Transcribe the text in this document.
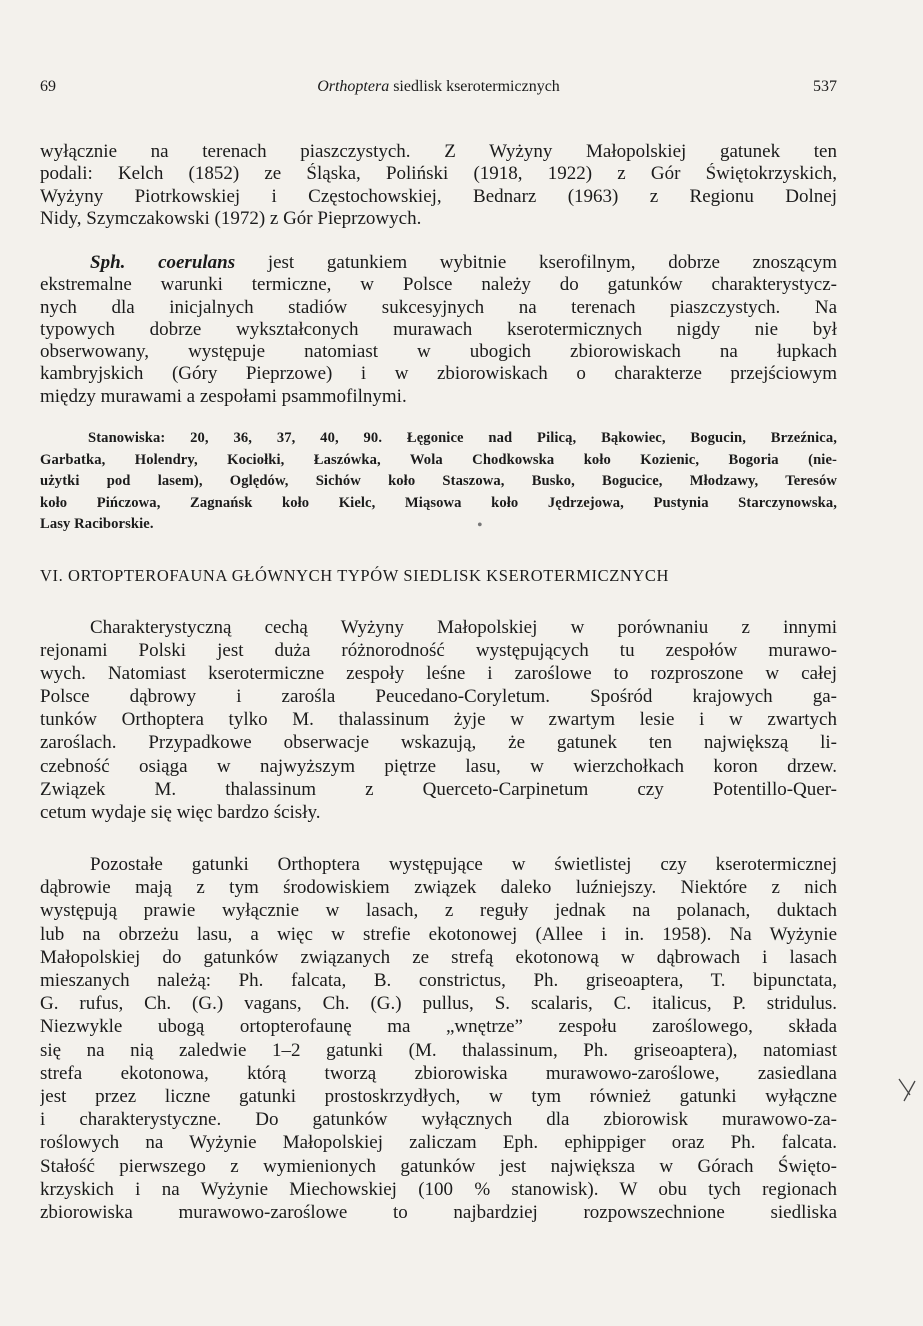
69	Orthoptera siedlisk kserotermicznych	537
wyłącznie na terenach piaszczystych. Z Wyżyny Małopolskiej gatunek ten
podali: Kelch (1852) ze Śląska, Poliński (1918, 1922) z Gór Świętokrzyskich,
Wyżyny Piotrkowskiej i Częstochowskiej, Bednarz (1963) z Regionu Dolnej
Nidy, Szymczakowski (1972) z Gór Pieprzowych.
Sph. coerulans jest gatunkiem wybitnie kserofilnym, dobrze znoszącym
ekstremalne warunki termiczne, w Polsce należy do gatunków charakterystycz-
nych dla inicjalnych stadiów sukcesyjnych na terenach piaszczystych. Na
typowych dobrze wykształconych murawach kserotermicznych nigdy nie był
obserwowany, występuje natomiast w ubogich zbiorowiskach na łupkach
kambryjskich (Góry Pieprzowe) i w zbiorowiskach o charakterze przejściowym
między murawami a zespołami psammofilnymi.
Stanowiska: 20, 36, 37, 40, 90. Łęgonice nad Pilicą, Bąkowiec, Bogucin, Brzeźnica,
Garbatka, Holendry, Kociołki, Łaszówka, Wola Chodkowska koło Kozienic, Bogoria (nie-
użytki pod lasem), Oględów, Sichów koło Staszowa, Busko, Bogucice, Młodzawy, Teresów
koło Pińczowa, Zagnańsk koło Kielc, Miąsowa koło Jędrzejowa, Pustynia Starczynowska,
Lasy Raciborskie.	•
VI. ORTOPTEROFAUNA GŁÓWNYCH TYPÓW SIEDLISK KSEROTERMICZNYCH
Charakterystyczną cechą Wyżyny Małopolskiej w porównaniu z innymi
rejonami Polski jest duża różnorodność występujących tu zespołów murawo-
wych. Natomiast kserotermiczne zespoły leśne i zaroślowe to rozproszone w całej
Polsce dąbrowy i zarośla Peucedano-Coryletum. Spośród krajowych ga-
tunków Orthoptera tylko M. thalassinum żyje w zwartym lesie i w zwartych
zaroślach. Przypadkowe obserwacje wskazują, że gatunek ten największą li-
czebność osiąga w najwyższym piętrze lasu, w wierzchołkach koron drzew.
Związek M. thalassinum z Querceto-Carpinetum czy Potentillo-Quer-
cetum wydaje się więc bardzo ścisły.
Pozostałe gatunki Orthoptera występujące w świetlistej czy kserotermicznej
dąbrowie mają z tym środowiskiem związek daleko luźniejszy. Niektóre z nich
występują prawie wyłącznie w lasach, z reguły jednak na polanach, duktach
lub na obrzeżu lasu, a więc w strefie ekotonowej (Allee i in. 1958). Na Wyżynie
Małopolskiej do gatunków związanych ze strefą ekotonową w dąbrowach i lasach
mieszanych należą: Ph. falcata, B. constrictus, Ph. griseoaptera, T. bipunctata,
G. rufus, Ch. (G.) vagans, Ch. (G.) pullus, S. scalaris, C. italicus, P. stridulus.
Niezwykle ubogą ortopterofaunę ma „wnętrze” zespołu zaroślowego, składa
się na nią zaledwie 1–2 gatunki (M. thalassinum, Ph. griseoaptera), natomiast
strefa ekotonowa, którą tworzą zbiorowiska murawowo-zaroślowe, zasiedlana
jest przez liczne gatunki prostoskrzydłych, w tym również gatunki wyłączne
i charakterystyczne. Do gatunków wyłącznych dla zbiorowisk murawowo-za-
roślowych na Wyżynie Małopolskiej zaliczam Eph. ephippiger oraz Ph. falcata.
Stałość pierwszego z wymienionych gatunków jest największa w Górach Święto-
krzyskich i na Wyżynie Miechowskiej (100 % stanowisk). W obu tych regionach
zbiorowiska murawowo-zaroślowe to najbardziej rozpowszechnione siedliska
